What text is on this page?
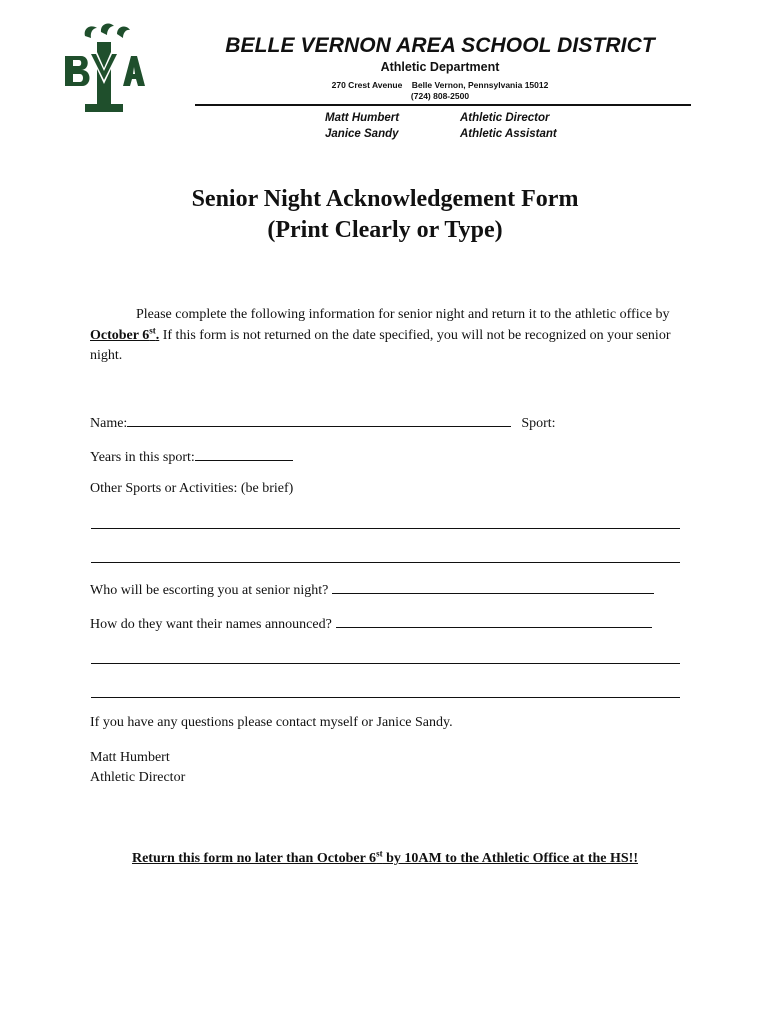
BELLE VERNON AREA SCHOOL DISTRICT
Athletic Department
270 Crest Avenue    Belle Vernon, Pennsylvania 15012
(724) 808-2500
Matt Humbert
Janice Sandy
Athletic Director
Athletic Assistant
Senior Night Acknowledgement Form
(Print Clearly or Type)
Please complete the following information for senior night and return it to the athletic office by October 6st. If this form is not returned on the date specified, you will not be recognized on your senior night.
Name:	Sport:
Years in this sport:
Other Sports or Activities: (be brief)
Who will be escorting you at senior night?
How do they want their names announced?
If you have any questions please contact myself or Janice Sandy.
Matt Humbert
Athletic Director
Return this form no later than October 6st by 10AM to the Athletic Office at the HS!!
